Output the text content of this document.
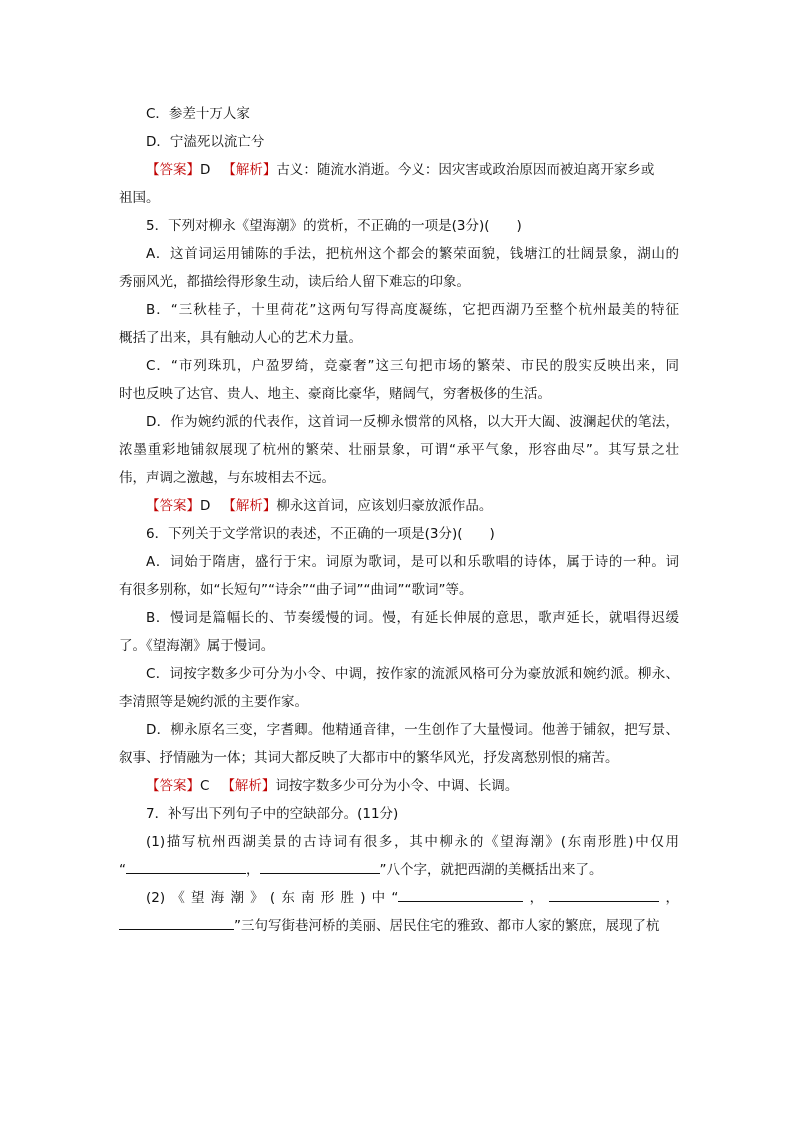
C．参差十万人家
D．宁溘死以流亡兮
【答案】D 【解析】古义：随流水消逝。今义：因灾害或政治原因而被迫离开家乡或
祖国。
5．下列对柳永《望海潮》的赏析，不正确的一项是(3分)(　　)
A．这首词运用铺陈的手法，把杭州这个都会的繁荣面貌，钱塘江的壮阔景象，湖山的
秀丽风光，都描绘得形象生动，读后给人留下难忘的印象。
B．“三秋桂子，十里荷花”这两句写得高度凝练，它把西湖乃至整个杭州最美的特征
概括了出来，具有触动人心的艺术力量。
C．“市列珠玑，户盈罗绮，竞豪奢”这三句把市场的繁荣、市民的殷实反映出来，同
时也反映了达官、贵人、地主、豪商比豪华，赌阔气，穷奢极侈的生活。
D．作为婉约派的代表作，这首词一反柳永惯常的风格，以大开大阖、波澜起伏的笔法，
浓墨重彩地铺叙展现了杭州的繁荣、壮丽景象，可谓“承平气象，形容曲尽”。其写景之壮
伟，声调之激越，与东坡相去不远。
【答案】D 【解析】柳永这首词，应该划归豪放派作品。
6．下列关于文学常识的表述，不正确的一项是(3分)(　　)
A．词始于隋唐，盛行于宋。词原为歌词，是可以和乐歌唱的诗体，属于诗的一种。词
有很多别称，如“长短句”“诗余”“曲子词”“曲词”“歌词”等。
B．慢词是篇幅长的、节奏缓慢的词。慢，有延长伸展的意思，歌声延长，就唱得迟缓
了。《望海潮》属于慢词。
C．词按字数多少可分为小令、中调，按作家的流派风格可分为豪放派和婉约派。柳永、
李清照等是婉约派的主要作家。
D．柳永原名三变，字耆卿。他精通音律，一生创作了大量慢词。他善于铺叙，把写景、
叙事、抒情融为一体；其词大都反映了大都市中的繁华风光，抒发离愁别恨的痛苦。
【答案】C 【解析】词按字数多少可分为小令、中调、长调。
7．补写出下列句子中的空缺部分。(11分)
(1)描写杭州西湖美景的古诗词有很多，其中柳永的《望海潮》(东南形胜)中仅用
“	，	”八个字，就把西湖的美概括出来了。
(2)《望海潮》(东南形胜)中“	，	，
”三句写街巷河桥的美丽、居民住宅的雅致、都市人家的繁庶，展现了杭
